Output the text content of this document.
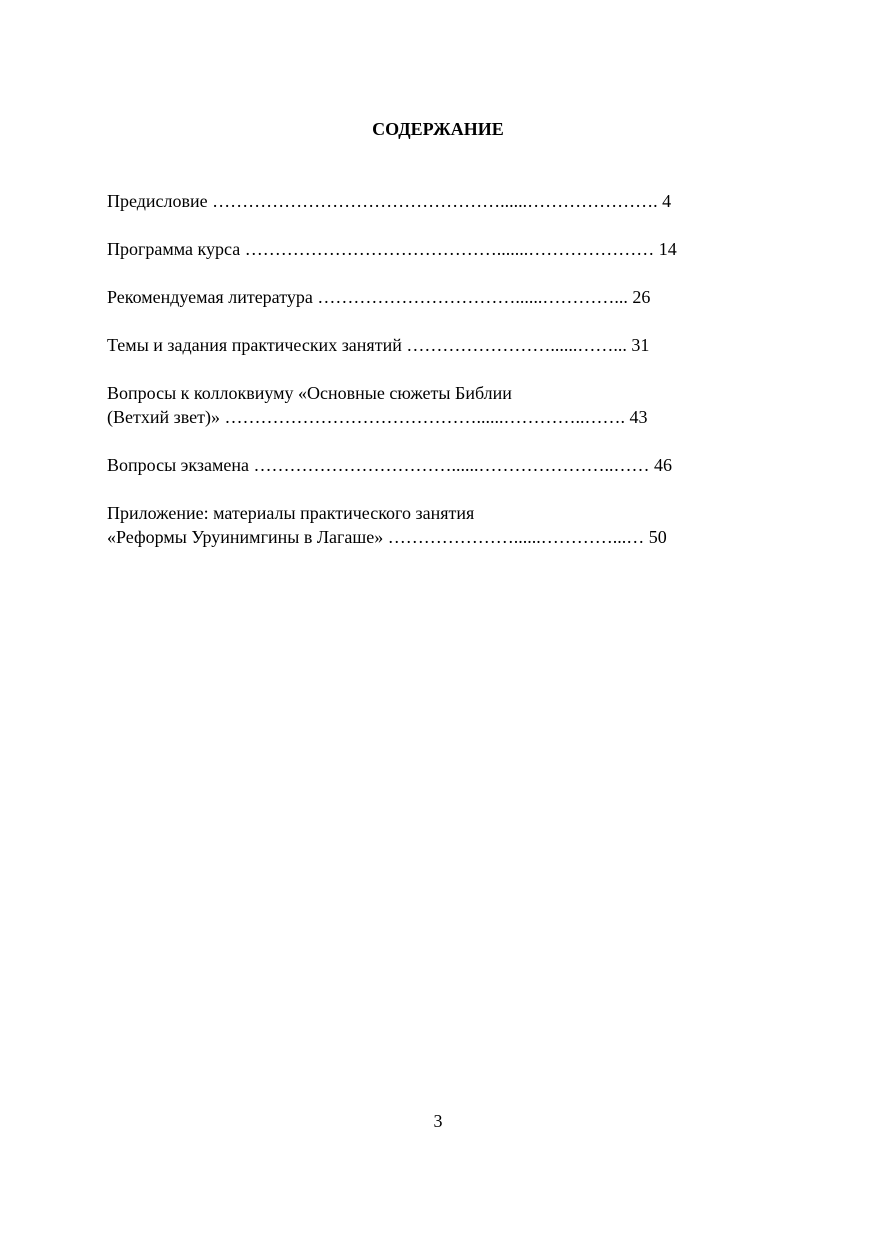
СОДЕРЖАНИЕ
Предисловие …………………………………………......…………………. 4
Программа курса …………………………………….......………………… 14
Рекомендуемая литература ……………………………......…………... 26
Темы и задания практических занятий ……………………......……... 31
Вопросы к коллоквиуму «Основные сюжеты Библии
(Ветхий звет)» ……………………………………......…………..……. 43
Вопросы экзамена ……………………………......…………………..…… 46
Приложение: материалы практического занятия
«Реформы Уруинимгины в Лагаше» …………………......…………...… 50
3
